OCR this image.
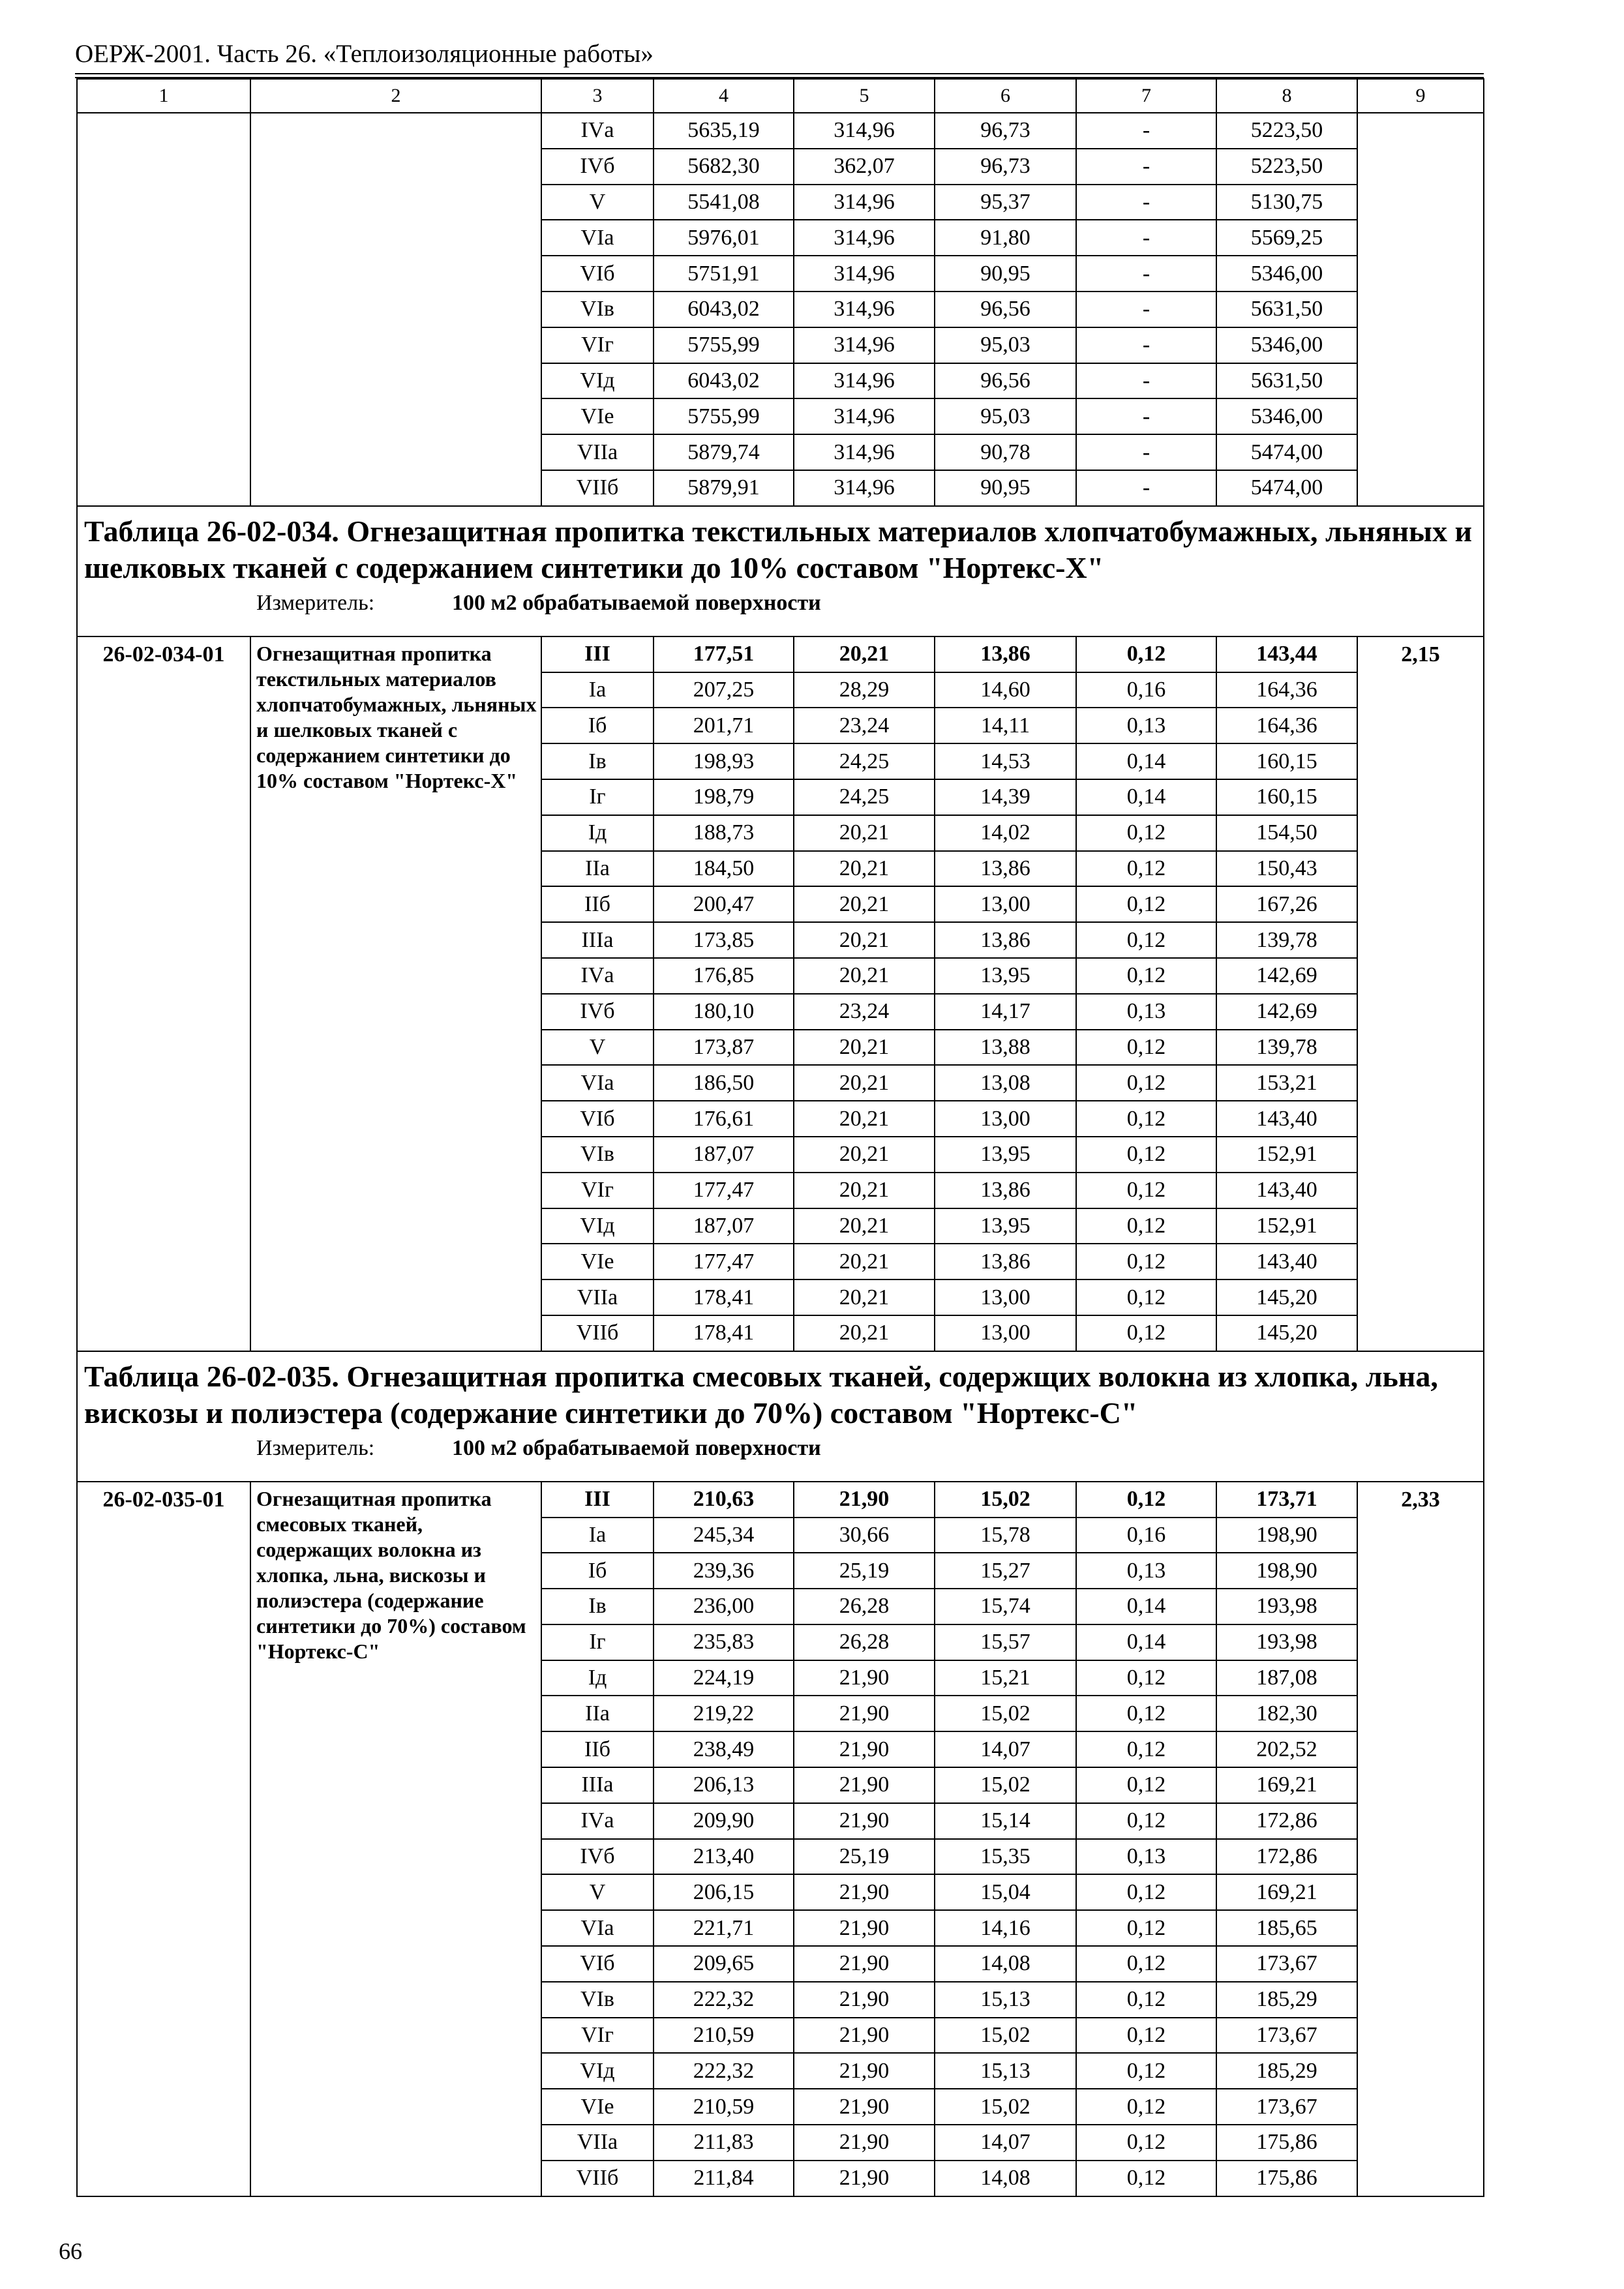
ОЕРЖ-2001. Часть 26. «Теплоизоляционные работы»
1	2	3	4	5	6	7	8	9
		IVа	5635,19	314,96	96,73	-	5223,50	
		IVб	5682,30	362,07	96,73	-	5223,50	
		V	5541,08	314,96	95,37	-	5130,75	
		VIа	5976,01	314,96	91,80	-	5569,25	
		VIб	5751,91	314,96	90,95	-	5346,00	
		VIв	6043,02	314,96	96,56	-	5631,50	
		VIг	5755,99	314,96	95,03	-	5346,00	
		VIд	6043,02	314,96	96,56	-	5631,50	
		VIе	5755,99	314,96	95,03	-	5346,00	
		VIIа	5879,74	314,96	90,78	-	5474,00	
		VIIб	5879,91	314,96	90,95	-	5474,00	

Таблица 26-02-034. Огнезащитная пропитка текстильных материалов хлопчатобумажных, льняных и шелковых тканей с содержанием синтетики до 10% составом "Нортекс-Х"
Измеритель: 100 м2 обрабатываемой поверхности								

26-02-034-01	Огнезащитная пропитка текстильных материалов хлопчатобумажных, льняных и шелковых тканей с содержанием синтетики до 10% составом "Нортекс-Х"	III	177,51	20,21	13,86	0,12	143,44	2,15
		Iа	207,25	28,29	14,60	0,16	164,36	
		Iб	201,71	23,24	14,11	0,13	164,36	
		Iв	198,93	24,25	14,53	0,14	160,15	
		Iг	198,79	24,25	14,39	0,14	160,15	
		Iд	188,73	20,21	14,02	0,12	154,50	
		IIа	184,50	20,21	13,86	0,12	150,43	
		IIб	200,47	20,21	13,00	0,12	167,26	
		IIIа	173,85	20,21	13,86	0,12	139,78	
		IVа	176,85	20,21	13,95	0,12	142,69	
		IVб	180,10	23,24	14,17	0,13	142,69	
		V	173,87	20,21	13,88	0,12	139,78	
		VIа	186,50	20,21	13,08	0,12	153,21	
		VIб	176,61	20,21	13,00	0,12	143,40	
		VIв	187,07	20,21	13,95	0,12	152,91	
		VIг	177,47	20,21	13,86	0,12	143,40	
		VIд	187,07	20,21	13,95	0,12	152,91	
		VIе	177,47	20,21	13,86	0,12	143,40	
		VIIа	178,41	20,21	13,00	0,12	145,20	
		VIIб	178,41	20,21	13,00	0,12	145,20	

Таблица 26-02-035. Огнезащитная пропитка смесовых тканей, содержщих волокна из хлопка, льна, вискозы и полиэстера (содержание синтетики до 70%) составом "Нортекс-С"
Измеритель: 100 м2 обрабатываемой поверхности								

26-02-035-01	Огнезащитная пропитка смесовых тканей, содержащих волокна из хлопка, льна, вискозы и полиэстера (содержание синтетики до 70%) составом "Нортекс-С"	III	210,63	21,90	15,02	0,12	173,71	2,33
		Iа	245,34	30,66	15,78	0,16	198,90	
		Iб	239,36	25,19	15,27	0,13	198,90	
		Iв	236,00	26,28	15,74	0,14	193,98	
		Iг	235,83	26,28	15,57	0,14	193,98	
		Iд	224,19	21,90	15,21	0,12	187,08	
		IIа	219,22	21,90	15,02	0,12	182,30	
		IIб	238,49	21,90	14,07	0,12	202,52	
		IIIа	206,13	21,90	15,02	0,12	169,21	
		IVа	209,90	21,90	15,14	0,12	172,86	
		IVб	213,40	25,19	15,35	0,13	172,86	
		V	206,15	21,90	15,04	0,12	169,21	
		VIа	221,71	21,90	14,16	0,12	185,65	
		VIб	209,65	21,90	14,08	0,12	173,67	
		VIв	222,32	21,90	15,13	0,12	185,29	
		VIг	210,59	21,90	15,02	0,12	173,67	
		VIд	222,32	21,90	15,13	0,12	185,29	
		VIе	210,59	21,90	15,02	0,12	173,67	
		VIIа	211,83	21,90	14,07	0,12	175,86	
		VIIб	211,84	21,90	14,08	0,12	175,86	
66
